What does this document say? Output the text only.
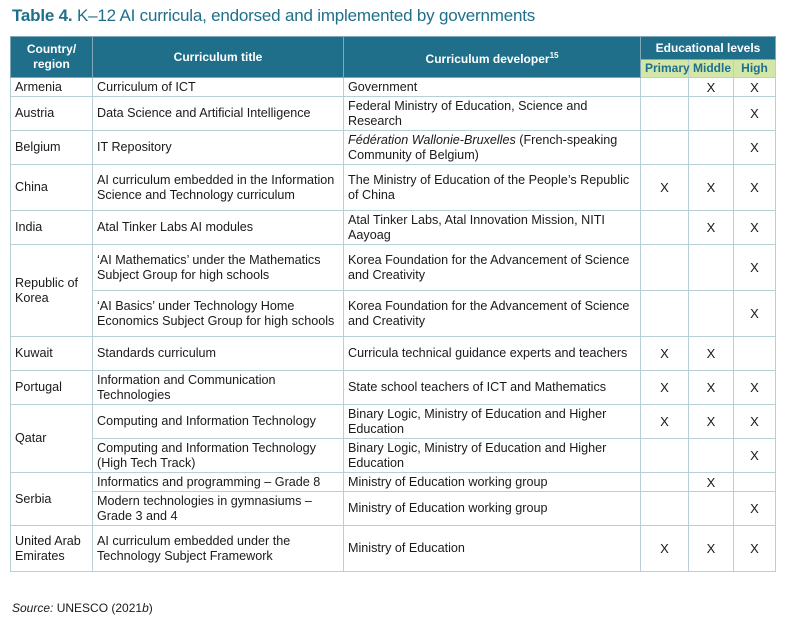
Table 4. K–12 AI curricula, endorsed and implemented by governments
Country/ region	Curriculum title	Curriculum developer$^{15}$	Educational levels		
			Primary	Middle	High
Armenia	Curriculum of ICT	Government		X	X
Austria	Data Science and Artificial Intelligence	Federal Ministry of Education, Science and Research			X
Belgium	IT Repository	Fédération Wallonie-Bruxelles (French-speaking Community of Belgium)			X
China	AI curriculum embedded in the Information Science and Technology curriculum	The Ministry of Education of the People’s Republic of China	X	X	X
India	Atal Tinker Labs AI modules	Atal Tinker Labs, Atal Innovation Mission, NITI Aayoag		X	X
Republic of Korea	‘AI Mathematics’ under the Mathematics Subject Group for high schools	Korea Foundation for the Advancement of Science and Creativity			X
	‘AI Basics’ under Technology Home Economics Subject Group for high schools	Korea Foundation for the Advancement of Science and Creativity			X
Kuwait	Standards curriculum	Curricula technical guidance experts and teachers	X	X	
Portugal	Information and Communication Technologies	State school teachers of ICT and Mathematics	X	X	X
Qatar	Computing and Information Technology	Binary Logic, Ministry of Education and Higher Education	X	X	X
	Computing and Information Technology (High Tech Track)	Binary Logic, Ministry of Education and Higher Education			X
Serbia	Informatics and programming – Grade 8	Ministry of Education working group		X	
	Modern technologies in gymnasiums – Grade 3 and 4	Ministry of Education working group			X
United Arab Emirates	AI curriculum embedded under the Technology Subject Framework	Ministry of Education	X	X	X
Source: UNESCO (2021b)
